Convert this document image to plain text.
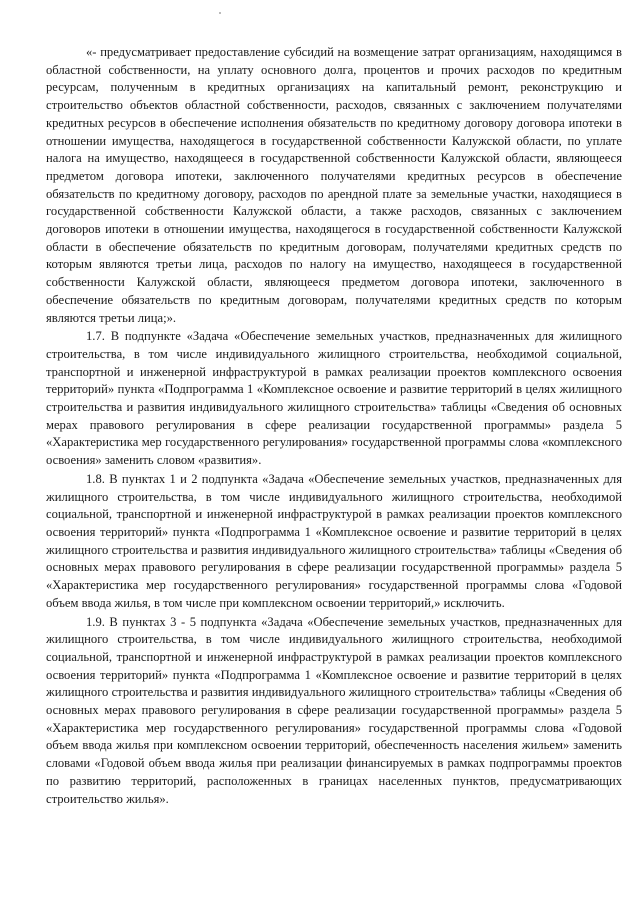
«- предусматривает предоставление субсидий на возмещение затрат организациям, находящимся в областной собственности, на уплату основного долга, процентов и прочих расходов по кредитным ресурсам, полученным в кредитных организациях на капитальный ремонт, реконструкцию и строительство объектов областной собственности, расходов, связанных с заключением получателями кредитных ресурсов в обеспечение исполнения обязательств по кредитному договору договора ипотеки в отношении имущества, находящегося в государственной собственности Калужской области, по уплате налога на имущество, находящееся в государственной собственности Калужской области, являющееся предметом договора ипотеки, заключенного получателями кредитных ресурсов в обеспечение обязательств по кредитному договору, расходов по арендной плате за земельные участки, находящиеся в государственной собственности Калужской области, а также расходов, связанных с заключением договоров ипотеки в отношении имущества, находящегося в государственной собственности Калужской области в обеспечение обязательств по кредитным договорам, получателями кредитных средств по которым являются третьи лица, расходов по налогу на имущество, находящееся в государственной собственности Калужской области, являющееся предметом договора ипотеки, заключенного в обеспечение обязательств по кредитным договорам, получателями кредитных средств по которым являются третьи лица;».

1.7. В подпункте «Задача «Обеспечение земельных участков, предназначенных для жилищного строительства, в том числе индивидуального жилищного строительства, необходимой социальной, транспортной и инженерной инфраструктурой в рамках реализации проектов комплексного освоения территорий» пункта «Подпрограмма 1 «Комплексное освоение и развитие территорий в целях жилищного строительства и развития индивидуального жилищного строительства» таблицы «Сведения об основных мерах правового регулирования в сфере реализации государственной программы» раздела 5 «Характеристика мер государственного регулирования» государственной программы слова «комплексного освоения» заменить словом «развития».

1.8. В пунктах 1 и 2 подпункта «Задача «Обеспечение земельных участков, предназначенных для жилищного строительства, в том числе индивидуального жилищного строительства, необходимой социальной, транспортной и инженерной инфраструктурой в рамках реализации проектов комплексного освоения территорий» пункта «Подпрограмма 1 «Комплексное освоение и развитие территорий в целях жилищного строительства и развития индивидуального жилищного строительства» таблицы «Сведения об основных мерах правового регулирования в сфере реализации государственной программы» раздела 5 «Характеристика мер государственного регулирования» государственной программы слова «Годовой объем ввода жилья, в том числе при комплексном освоении территорий,» исключить.

1.9. В пунктах 3 - 5 подпункта «Задача «Обеспечение земельных участков, предназначенных для жилищного строительства, в том числе индивидуального жилищного строительства, необходимой социальной, транспортной и инженерной инфраструктурой в рамках реализации проектов комплексного освоения территорий» пункта «Подпрограмма 1 «Комплексное освоение и развитие территорий в целях жилищного строительства и развития индивидуального жилищного строительства» таблицы «Сведения об основных мерах правового регулирования в сфере реализации государственной программы» раздела 5 «Характеристика мер государственного регулирования» государственной программы слова «Годовой объем ввода жилья при комплексном освоении территорий, обеспеченность населения жильем» заменить словами «Годовой объем ввода жилья при реализации финансируемых в рамках подпрограммы проектов по развитию территорий, расположенных в границах населенных пунктов, предусматривающих строительство жилья».
